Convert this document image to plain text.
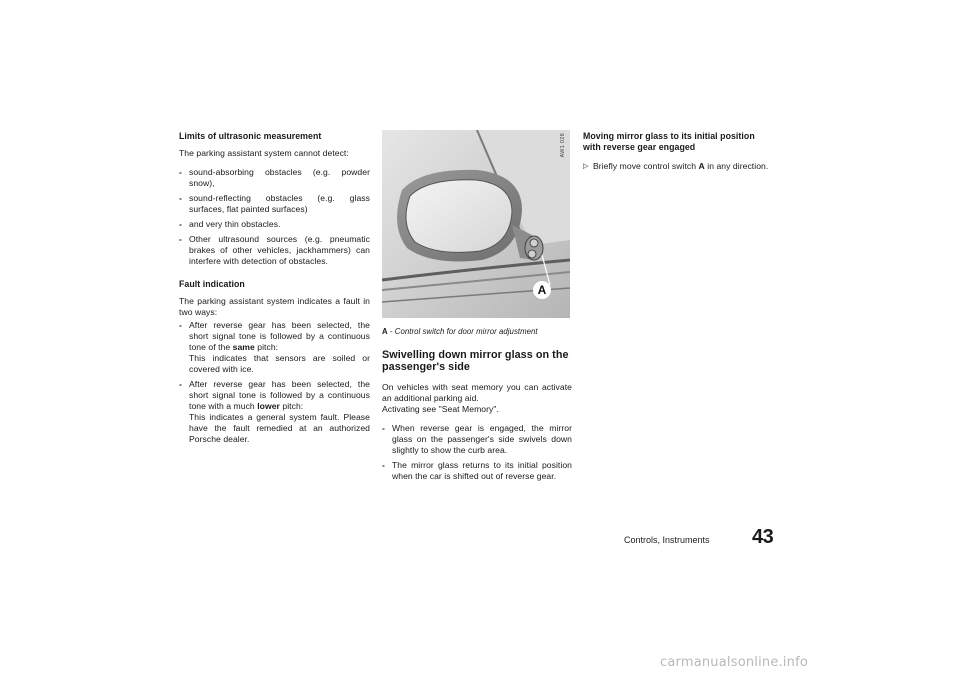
Limits of ultrasonic measurement

The parking assistant system cannot detect:

- sound-absorbing obstacles (e.g. powder snow),
- sound-reflecting obstacles (e.g. glass surfaces, flat painted surfaces)
- and very thin obstacles.
- Other ultrasound sources (e.g. pneumatic brakes of other vehicles, jackhammers) can interfere with detection of obstacles.
Fault indication

The parking assistant system indicates a fault in two ways:

- After reverse gear has been selected, the short signal tone is followed by a continuous tone of the same pitch:
This indicates that sensors are soiled or covered with ice.
- After reverse gear has been selected, the short signal tone is followed by a continuous tone with a much lower pitch:
This indicates a general system fault. Please have the fault remedied at an authorized Porsche dealer.
A
AW1 028
A - Control switch for door mirror adjustment
Swivelling down mirror glass on the passenger's side

On vehicles with seat memory you can activate an additional parking aid.

Activating see "Seat Memory".

- When reverse gear is engaged, the mirror glass on the passenger's side swivels down slightly to show the curb area.
- The mirror glass returns to its initial position when the car is shifted out of reverse gear.
Moving mirror glass to its initial position with reverse gear engaged
▷ Briefly move control switch A in any direction.
Controls, Instruments 43
carmanualsonline.info
